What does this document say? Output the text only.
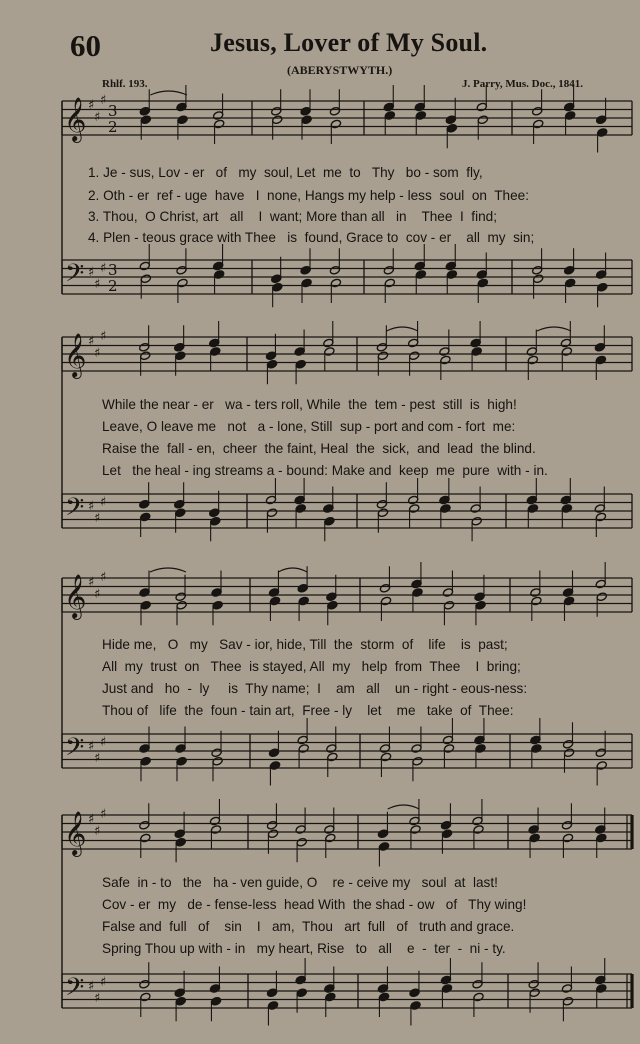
60	Jesus, Lover of My Soul.
(ABERYSTWYTH.)
Rhlf. 193.	J. Parry, Mus. Doc., 1841.
𝄞 ♯
♯
♯
3
2
𝄢 ♯
♯
♯ 3
2
𝄞 ♯
♯
♯
𝄢 ♯
♯
♯
𝄞 ♯
♯
♯
𝄢 ♯
♯
♯
𝄞 ♯
♯
♯
𝄢 ♯
♯
♯
1. Je - sus, Lov - er   of   my  soul, Let  me  to   Thy   bo - som  fly,
2. Oth - er  ref - uge  have   I  none, Hangs my help - less  soul  on  Thee:
3. Thou,  O Christ, art   all    I  want; More than all   in    Thee  I  find;
4. Plen - teous grace with Thee   is  found, Grace to  cov - er    all  my  sin;
While the near - er   wa - ters roll, While  the  tem - pest  still  is  high!
Leave, O leave me   not   a - lone, Still  sup - port and com - fort  me:
Raise the  fall - en,  cheer  the faint, Heal  the  sick,  and  lead  the blind.
Let   the heal - ing streams a - bound: Make and  keep  me  pure  with - in.
Hide me,   O   my   Sav - ior, hide, Till  the  storm  of    life    is  past;
All  my  trust  on   Thee  is stayed, All  my   help  from  Thee    I  bring;
Just and   ho  -  ly     is  Thy name;  I    am   all    un - right - eous-ness:
Thou of   life  the  foun - tain art,  Free - ly    let    me   take  of  Thee:
Safe  in - to   the   ha - ven guide, O    re - ceive my   soul  at  last!
Cov - er  my   de - fense-less  head With  the shad - ow   of   Thy wing!
False and  full   of    sin    I   am,  Thou   art  full   of   truth and grace.
Spring Thou up with - in   my heart, Rise   to   all    e  -  ter  -  ni - ty.
